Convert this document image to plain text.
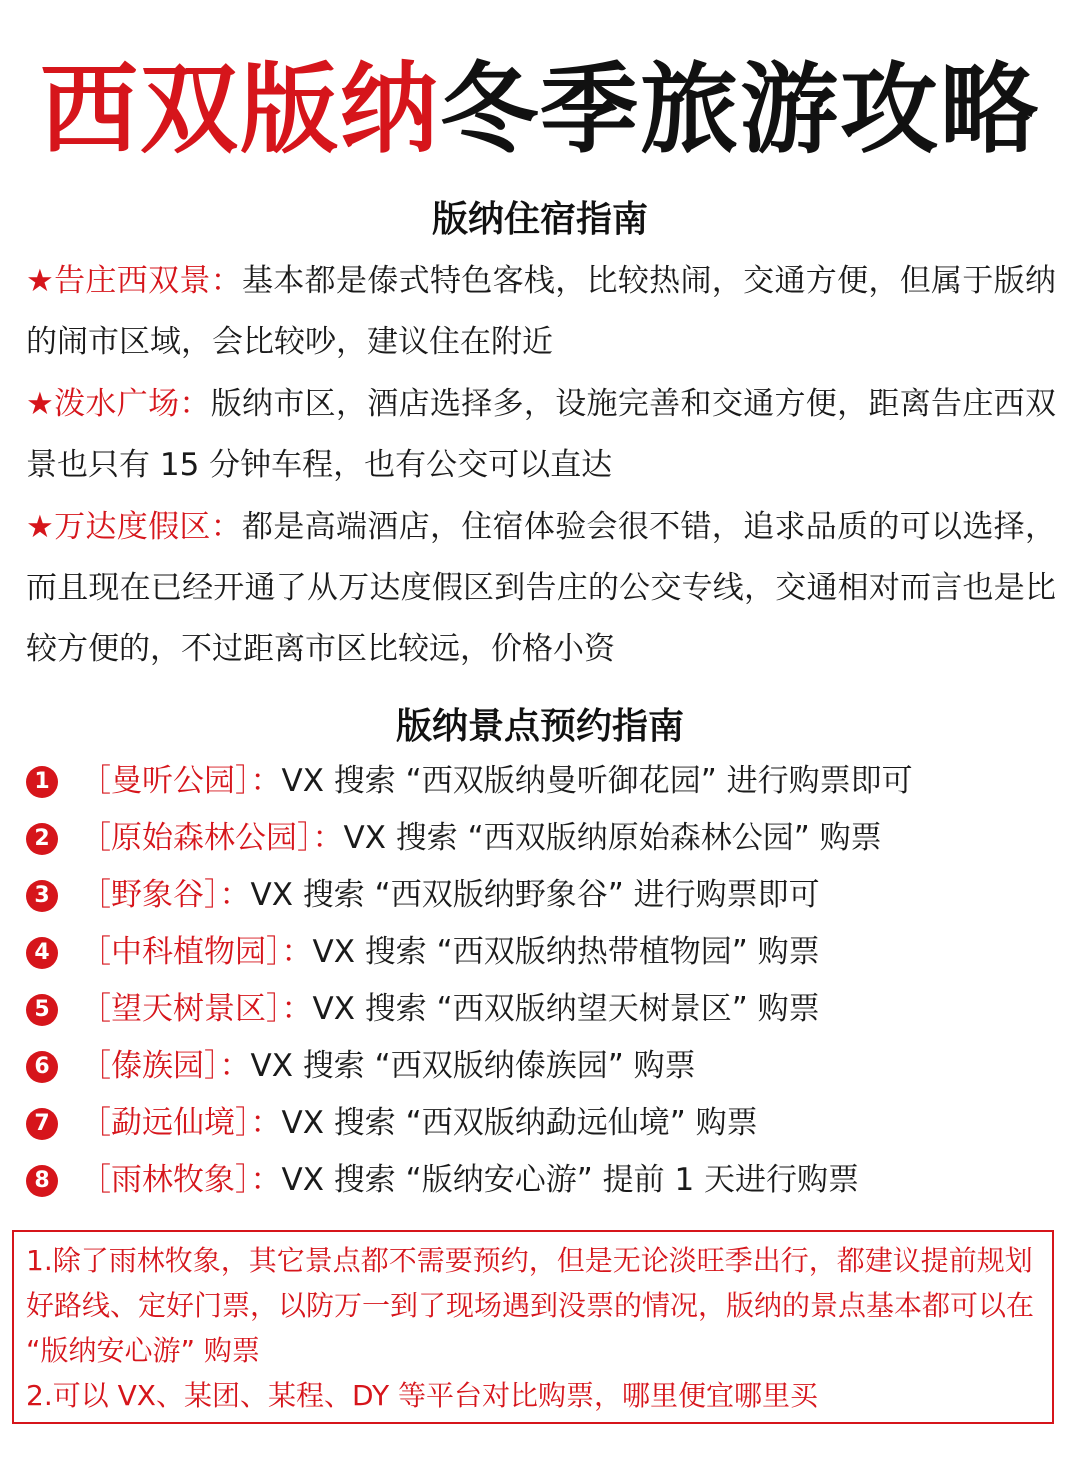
西双版纳冬季旅游攻略
版纳住宿指南
★告庄西双景：基本都是傣式特色客栈，比较热闹，交通方便，但属于版纳的闹市区域，会比较吵，建议住在附近
★泼水广场：版纳市区，酒店选择多，设施完善和交通方便，距离告庄西双景也只有 15 分钟车程，也有公交可以直达
★万达度假区：都是高端酒店，住宿体验会很不错，追求品质的可以选择，而且现在已经开通了从万达度假区到告庄的公交专线，交通相对而言也是比较方便的，不过距离市区比较远，价格小资
版纳景点预约指南
1 ［曼听公园］： VX 搜索 “西双版纳曼听御花园” 进行购票即可
2 ［原始森林公园］： VX 搜索 “西双版纳原始森林公园” 购票
3 ［野象谷］： VX 搜索 “西双版纳野象谷” 进行购票即可
4 ［中科植物园］： VX 搜索 “西双版纳热带植物园” 购票
5 ［望天树景区］： VX 搜索 “西双版纳望天树景区” 购票
6 ［傣族园］： VX 搜索 “西双版纳傣族园” 购票
7 ［勐远仙境］： VX 搜索 “西双版纳勐远仙境” 购票
8 ［雨林牧象］： VX 搜索 “版纳安心游” 提前 1 天进行购票
1.除了雨林牧象，其它景点都不需要预约，但是无论淡旺季出行，都建议提前规划好路线、定好门票，以防万一到了现场遇到没票的情况，版纳的景点基本都可以在 “版纳安心游” 购票
2.可以 VX、某团、某程、DY 等平台对比购票，哪里便宜哪里买
